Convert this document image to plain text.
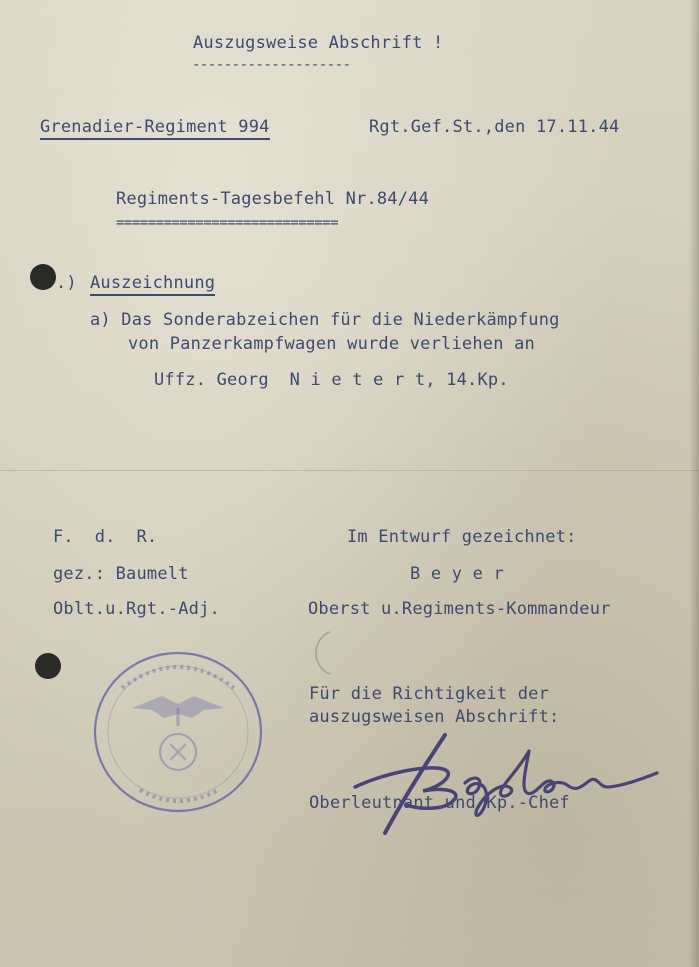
Auszugsweise Abschrift !
--------------------
Grenadier-Regiment 994	Rgt.Gef.St.,den 17.11.44
Regiments-Tagesbefehl Nr.84/44
============================
.) Auszeichnung
a) Das Sonderabzeichen für die Niederkämpfung
von Panzerkampfwagen wurde verliehen an
Uffz. Georg  N i e t e r t, 14.Kp.
F.  d.  R.
gez.: Baumelt
Oblt.u.Rgt.-Adj.
Im Entwurf gezeichnet:
B e y e r
Oberst u.Regiments-Kommandeur
Für die Richtigkeit der
auszugsweisen Abschrift:
Oberleutnant und Kp.-Chef
